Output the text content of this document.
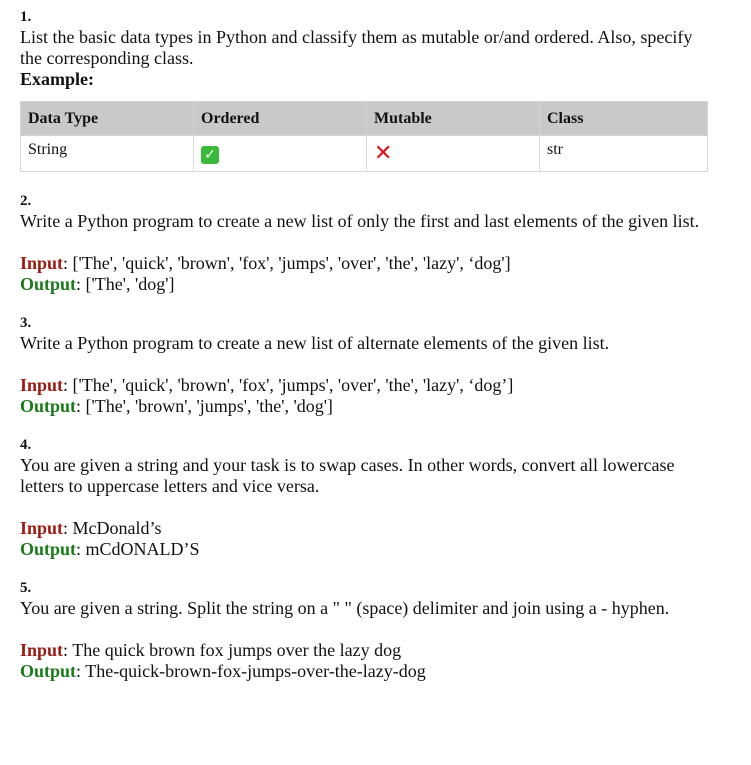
1.
List the basic data types in Python and classify them as mutable or/and ordered. Also, specify the corresponding class.
Example:
Data Type	Ordered	Mutable	Class
String	✓	✕	str
2.
Write a Python program to create a new list of only the first and last elements of the given list.
Input: ['The', 'quick', 'brown', 'fox', 'jumps', 'over', 'the', 'lazy', ‘dog']
Output: ['The', 'dog']
3.
Write a Python program to create a new list of alternate elements of the given list.
Input: ['The', 'quick', 'brown', 'fox', 'jumps', 'over', 'the', 'lazy', ‘dog’]
Output: ['The', 'brown', 'jumps', 'the', 'dog']
4.
You are given a string and your task is to swap cases. In other words, convert all lowercase letters to uppercase letters and vice versa.
Input: McDonald’s
Output: mCdONALD’S
5.
You are given a string. Split the string on a " " (space) delimiter and join using a - hyphen.
Input: The quick brown fox jumps over the lazy dog
Output: The-quick-brown-fox-jumps-over-the-lazy-dog
